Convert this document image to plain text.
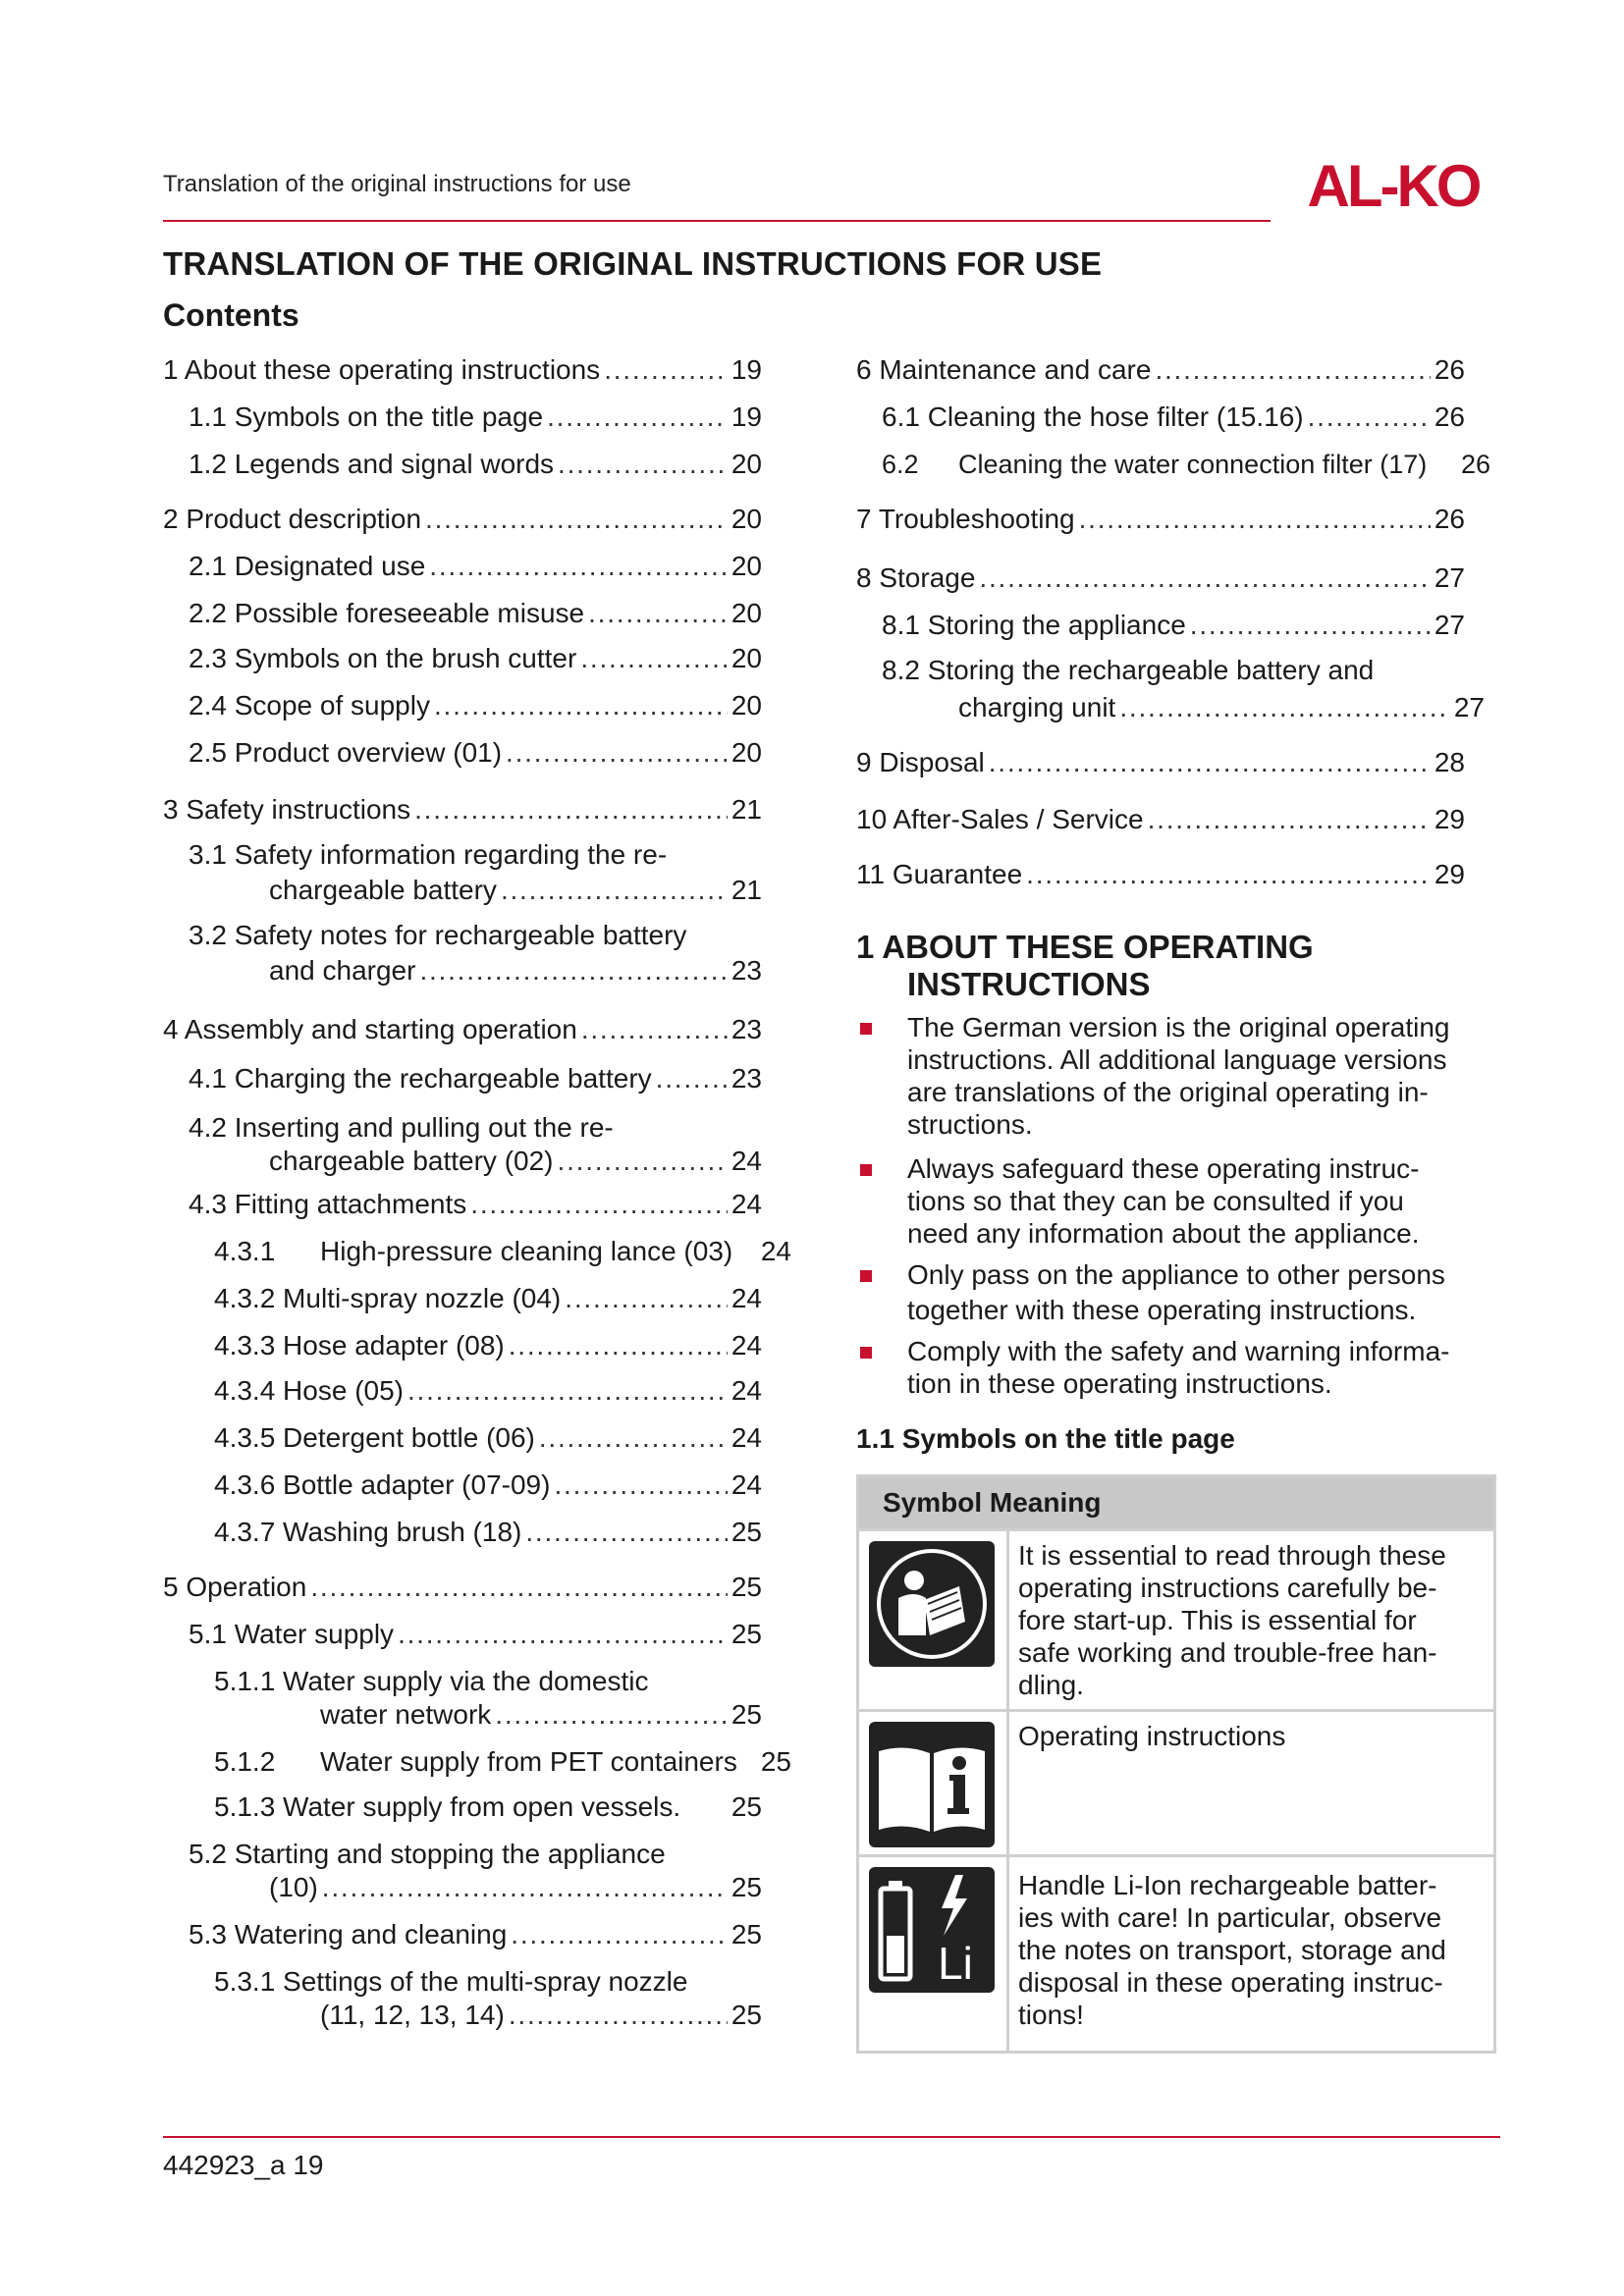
Translation of the original instructions for use	AL-KO
TRANSLATION OF THE ORIGINAL INSTRUCTIONS FOR USE
Contents
1 About these operating instructions . . .	19
1.1 Symbols on the title page . . .	19
1.2 Legends and signal words . . .	20
2 Product description . . .	20
2.1 Designated use . . .	20
2.2 Possible foreseeable misuse . . .	20
2.3 Symbols on the brush cutter . . .	20
2.4 Scope of supply . . .	20
2.5 Product overview (01) . . .	20
3 Safety instructions . . .	21
3.1 Safety information regarding the re-
chargeable battery . . .	21
3.2 Safety notes for rechargeable battery
and charger . . .	23
4 Assembly and starting operation . . .	23
4.1 Charging the rechargeable battery . . .	23
4.2 Inserting and pulling out the re-
chargeable battery (02) . . .	24
4.3 Fitting attachments . . .	24
4.3.1 High-pressure cleaning lance (03) 24
4.3.2 Multi-spray nozzle (04) . . .	24
4.3.3 Hose adapter (08) . . .	24
4.3.4 Hose (05) . . .	24
4.3.5 Detergent bottle (06) . . .	24
4.3.6 Bottle adapter (07-09) . . .	24
4.3.7 Washing brush (18) . . .	25
5 Operation . . .	25
5.1 Water supply . . .	25
5.1.1 Water supply via the domestic
water network . . .	25
5.1.2 Water supply from PET containers 25
5.1.3 Water supply from open vessels . 25
5.2 Starting and stopping the appliance
(10) . . .	25
5.3 Watering and cleaning . . .	25
5.3.1 Settings of the multi-spray nozzle
(11, 12, 13, 14) . . .	25
6 Maintenance and care . . .	26
6.1 Cleaning the hose filter (15.16) . . .	26
6.2 Cleaning the water connection filter (17) 26
7 Troubleshooting . . .	26
8 Storage . . .	27
8.1 Storing the appliance . . .	27
8.2 Storing the rechargeable battery and
charging unit . . .	27
9 Disposal . . .	28
10 After-Sales / Service . . .	29
11 Guarantee . . .	29
1 ABOUT THESE OPERATING
INSTRUCTIONS
The German version is the original operating
instructions. All additional language versions
are translations of the original operating in-
structions.
Always safeguard these operating instruc-
tions so that they can be consulted if you
need any information about the appliance.
Only pass on the appliance to other persons
together with these operating instructions.
Comply with the safety and warning informa-
tion in these operating instructions.
1.1 Symbols on the title page
Symbol Meaning
It is essential to read through these
operating instructions carefully be-
fore start-up. This is essential for
safe working and trouble-free han-
dling.
Operating instructions
Li
Handle Li-Ion rechargeable batter-
ies with care! In particular, observe
the notes on transport, storage and
disposal in these operating instruc-
tions!
442923_a 19
